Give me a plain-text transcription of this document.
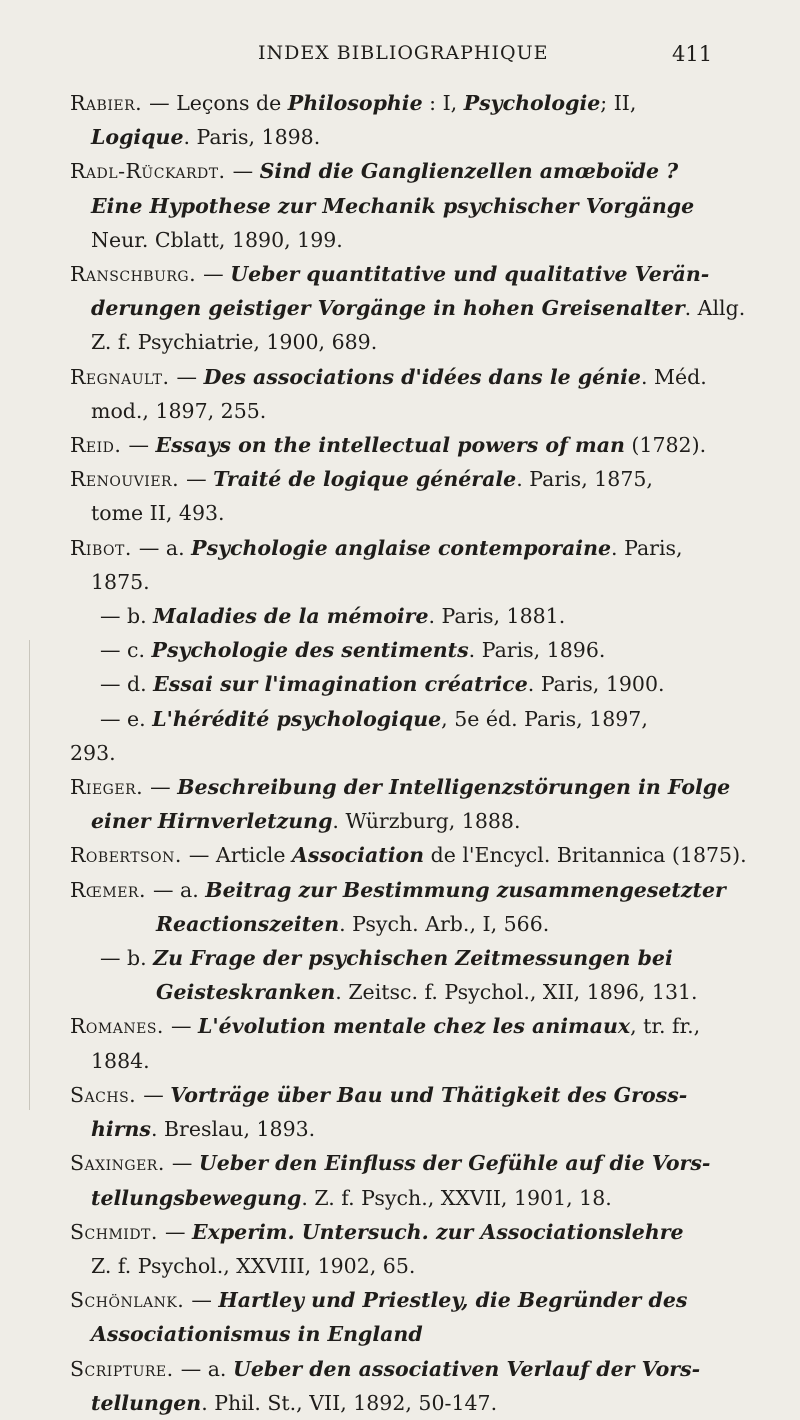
INDEX BIBLIOGRAPHIQUE	411
Rabier. — Leçons de Philosophie : I, Psychologie; II,
Logique. Paris, 1898.
Radl-Rückardt. — Sind die Ganglienzellen amœboïde ?
Eine Hypothese zur Mechanik psychischer Vorgänge
Neur. Cblatt, 1890, 199.
Ranschburg. — Ueber quantitative und qualitative Verän-
derungen geistiger Vorgänge in hohen Greisenalter. Allg.
Z. f. Psychiatrie, 1900, 689.
Regnault. — Des associations d'idées dans le génie. Méd.
mod., 1897, 255.
Reid. — Essays on the intellectual powers of man (1782).
Renouvier. — Traité de logique générale. Paris, 1875,
tome II, 493.
Ribot. — a. Psychologie anglaise contemporaine. Paris,
1875.
— b. Maladies de la mémoire. Paris, 1881.
— c. Psychologie des sentiments. Paris, 1896.
— d. Essai sur l'imagination créatrice. Paris, 1900.
— e. L'hérédité psychologique, 5e éd. Paris, 1897,
293.
Rieger. — Beschreibung der Intelligenzstörungen in Folge
einer Hirnverletzung. Würzburg, 1888.
Robertson. — Article Association de l'Encycl. Britannica (1875).
Rœmer. — a. Beitrag zur Bestimmung zusammengesetzter
Reactionszeiten. Psych. Arb., I, 566.
— b. Zu Frage der psychischen Zeitmessungen bei
Geisteskranken. Zeitsc. f. Psychol., XII, 1896, 131.
Romanes. — L'évolution mentale chez les animaux, tr. fr.,
1884.
Sachs. — Vorträge über Bau und Thätigkeit des Gross-
hirns. Breslau, 1893.
Saxinger. — Ueber den Einfluss der Gefühle auf die Vors-
tellungsbewegung. Z. f. Psych., XXVII, 1901, 18.
Schmidt. — Experim. Untersuch. zur Associationslehre
Z. f. Psychol., XXVIII, 1902, 65.
Schönlank. — Hartley und Priestley, die Begründer des
Associationismus in England
Scripture. — a. Ueber den associativen Verlauf der Vors-
tellungen. Phil. St., VII, 1892, 50-147.
